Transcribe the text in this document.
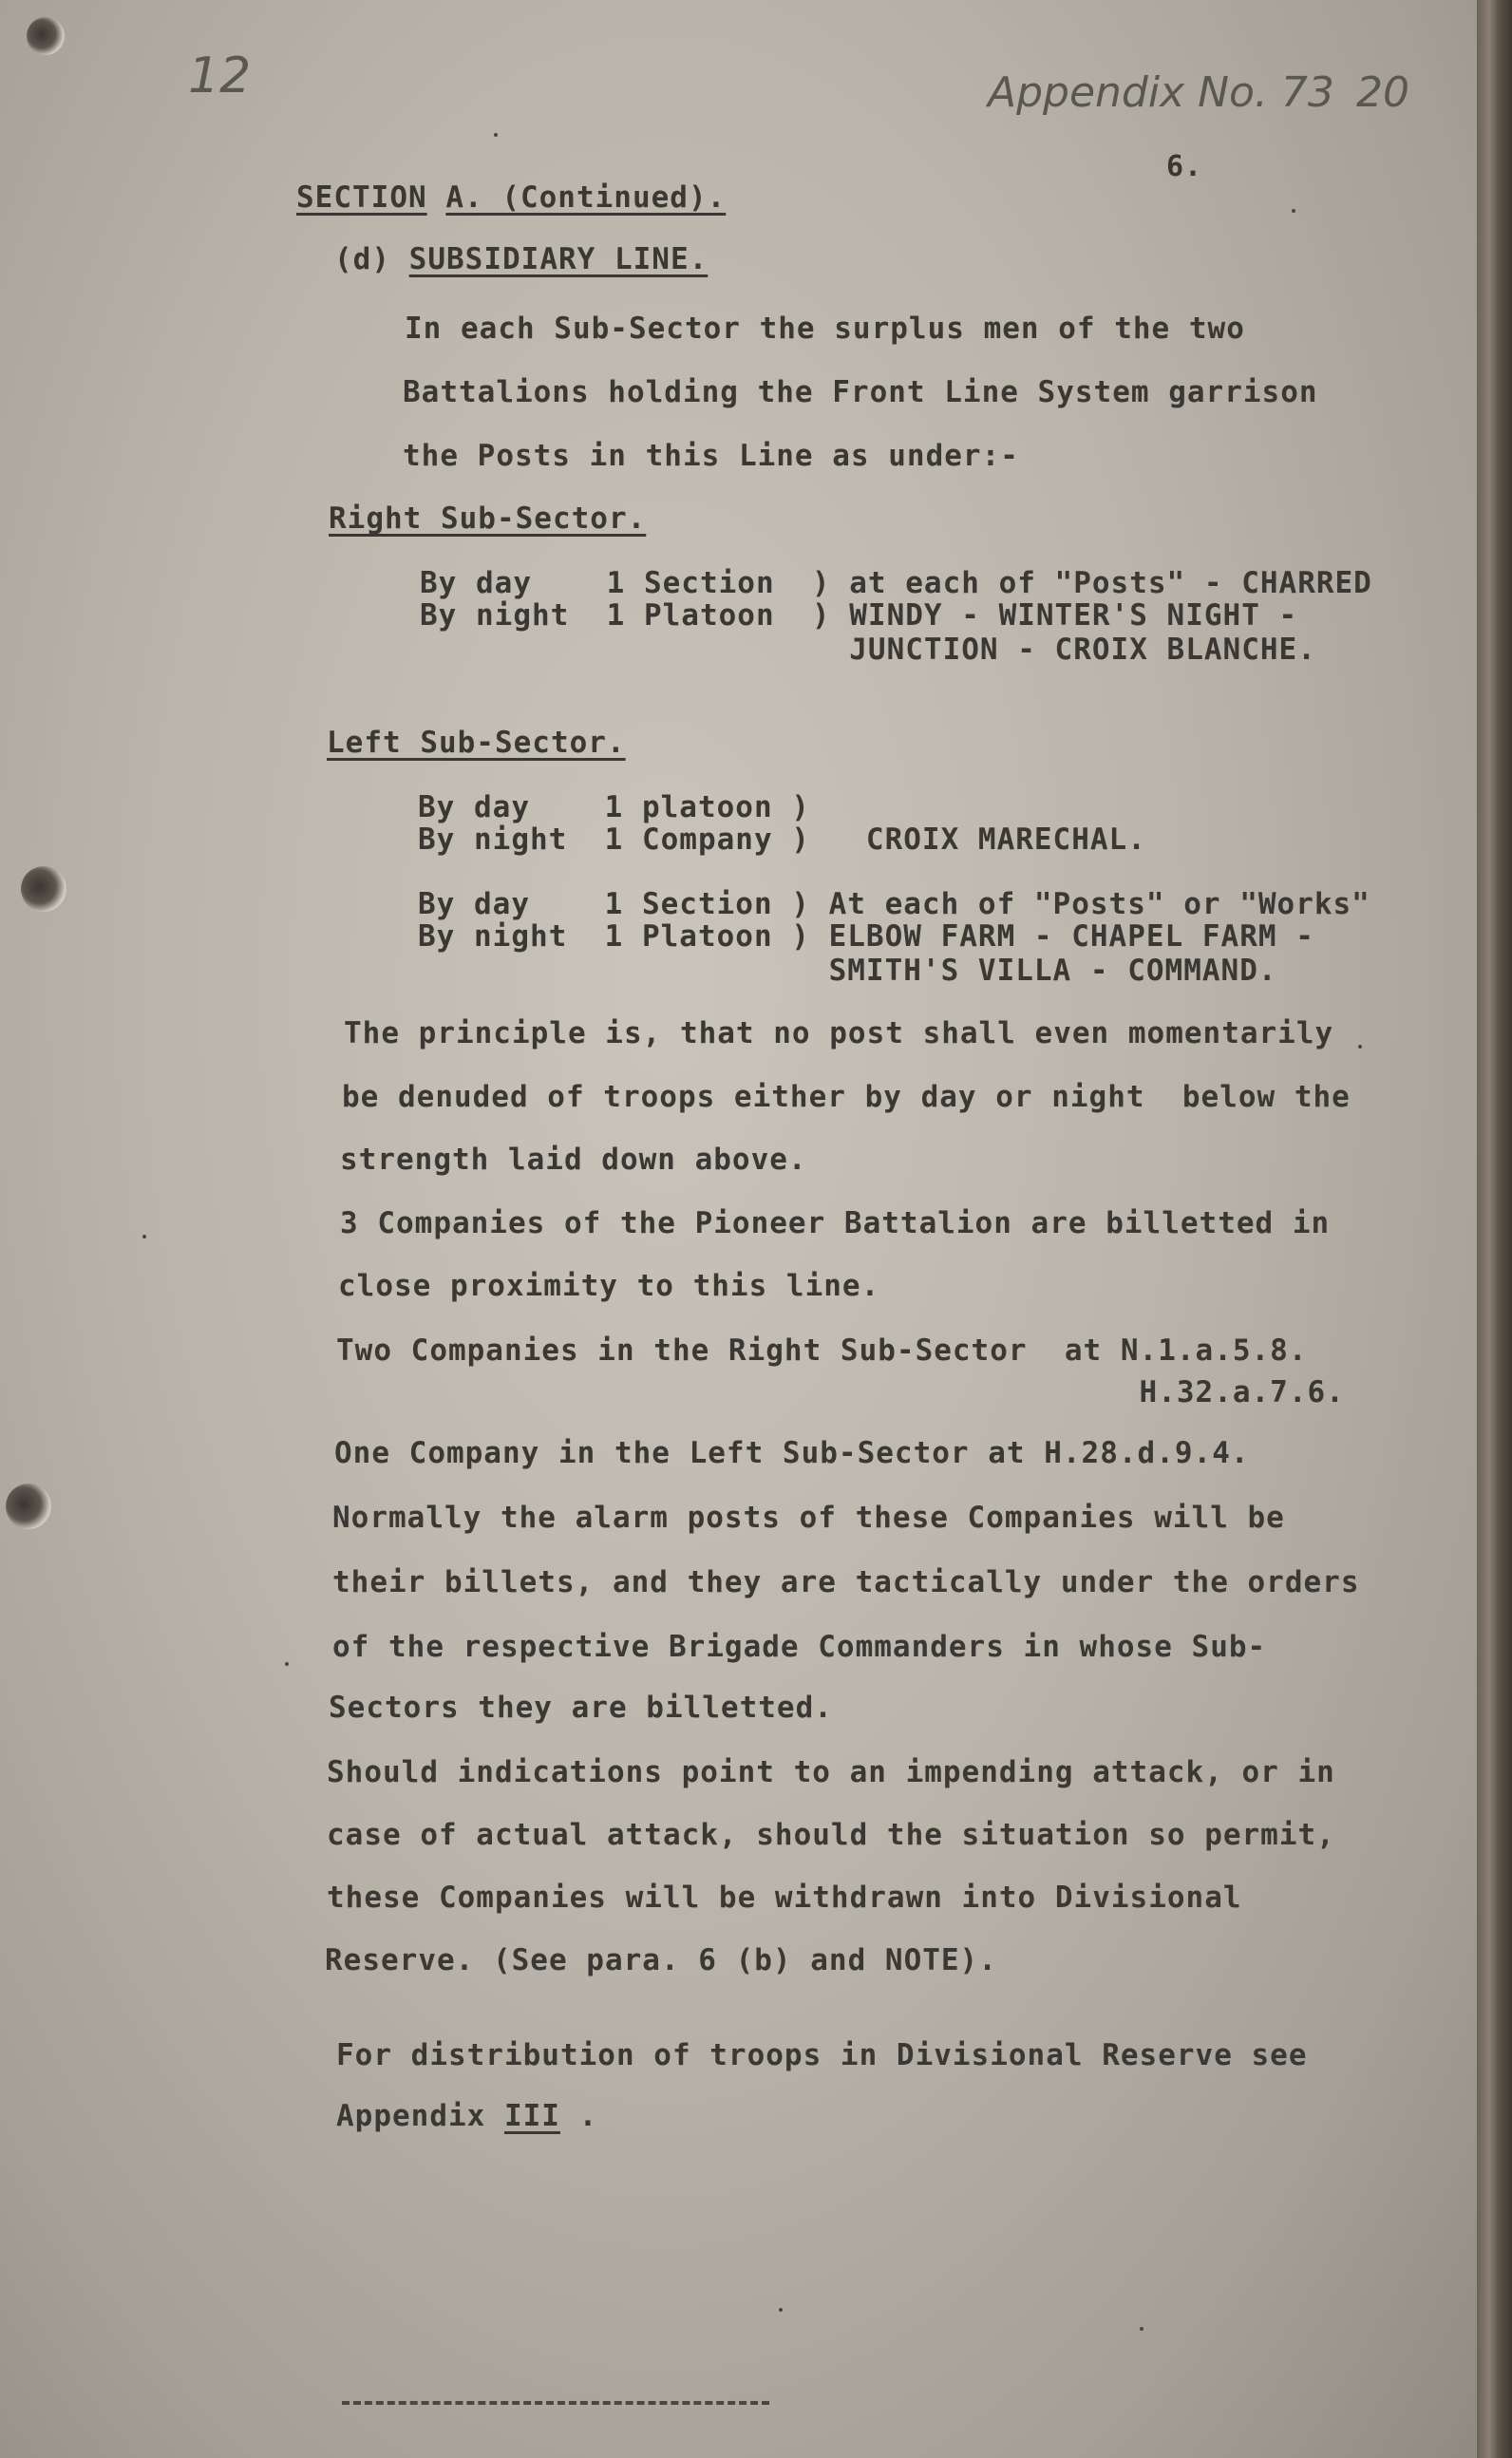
12	Appendix No. 73 20
6.
SECTION A. (Continued).
(d) SUBSIDIARY LINE.
In each Sub-Sector the surplus men of the two
Battalions holding the Front Line System garrison
the Posts in this Line as under:-
Right Sub-Sector.
By day    1 Section  ) at each of "Posts" - CHARRED
By night  1 Platoon  ) WINDY - WINTER'S NIGHT -
JUNCTION - CROIX BLANCHE.
Left Sub-Sector.
By day    1 platoon )
By night  1 Company )   CROIX MARECHAL.
By day    1 Section ) At each of "Posts" or "Works"
By night  1 Platoon ) ELBOW FARM - CHAPEL FARM -
SMITH'S VILLA - COMMAND.
The principle is, that no post shall even momentarily
be denuded of troops either by day or night  below the
strength laid down above.
3 Companies of the Pioneer Battalion are billetted in
close proximity to this line.
Two Companies in the Right Sub-Sector  at N.1.a.5.8.
H.32.a.7.6.
One Company in the Left Sub-Sector at H.28.d.9.4.
Normally the alarm posts of these Companies will be
their billets, and they are tactically under the orders
of the respective Brigade Commanders in whose Sub-
Sectors they are billetted.
Should indications point to an impending attack, or in
case of actual attack, should the situation so permit,
these Companies will be withdrawn into Divisional
Reserve. (See para. 6 (b) and NOTE).
For distribution of troops in Divisional Reserve see
Appendix III .
